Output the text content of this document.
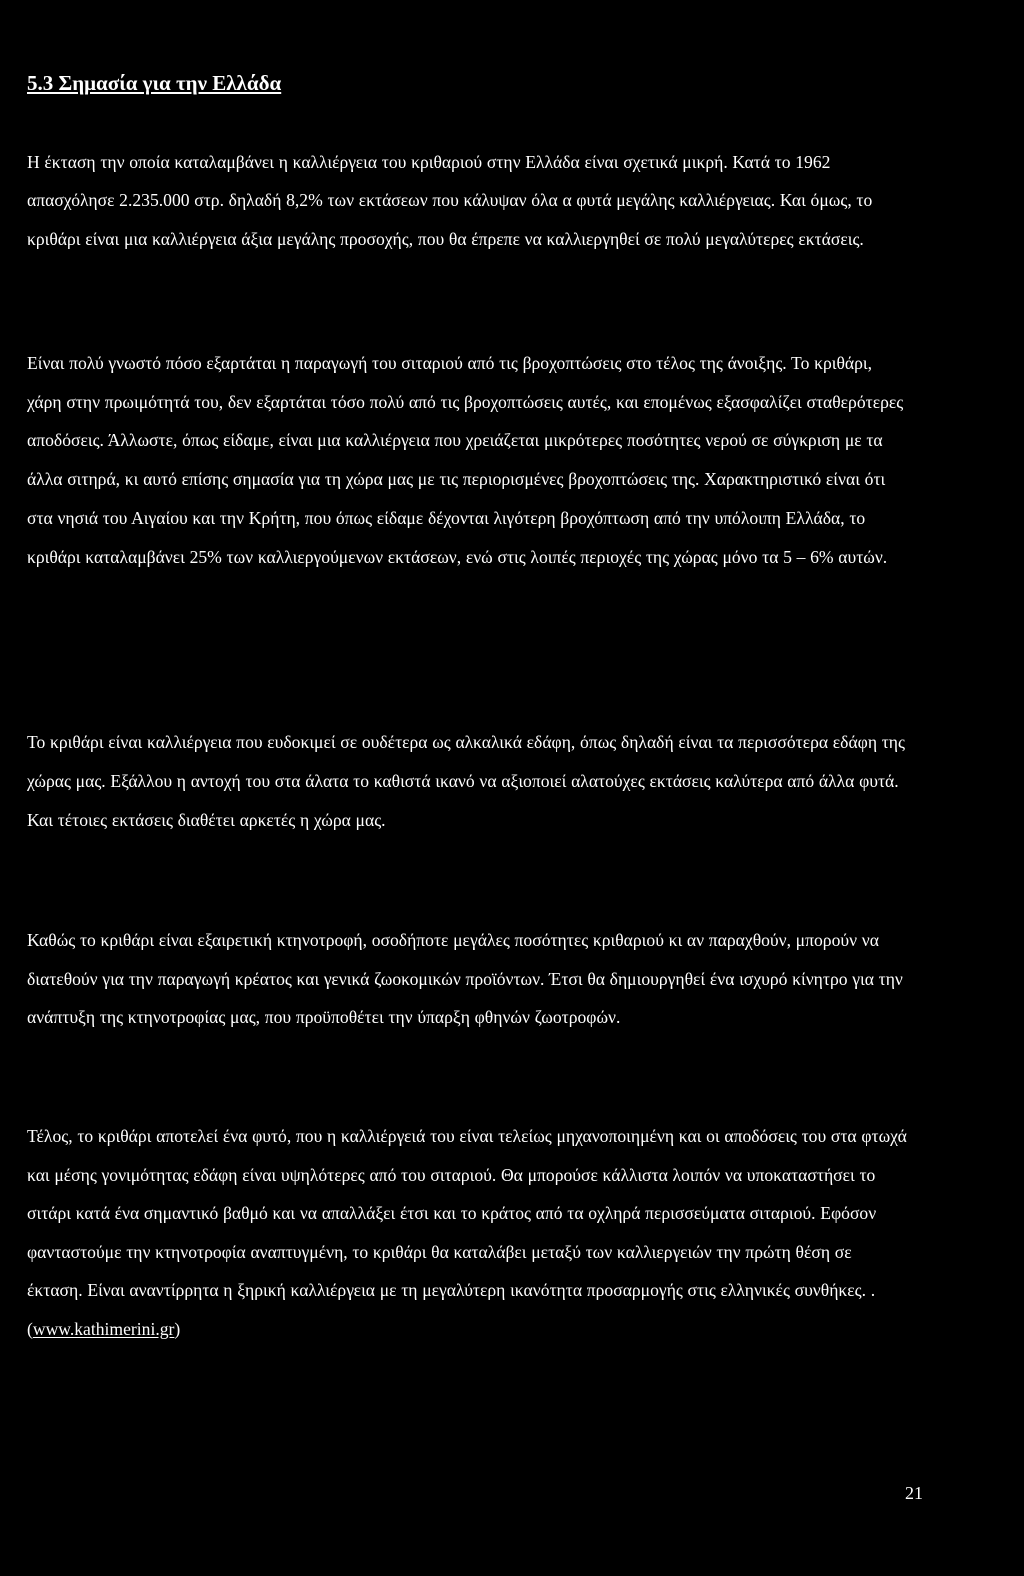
5.3 Σημασία για την Ελλάδα

Η έκταση την οποία καταλαμβάνει η καλλιέργεια του κριθαριού στην Ελλάδα είναι σχετικά μικρή. Κατά το 1962 απασχόλησε 2.235.000 στρ. δηλαδή 8,2% των εκτάσεων που κάλυψαν όλα α φυτά μεγάλης καλλιέργειας. Και όμως, το κριθάρι είναι μια καλλιέργεια άξια μεγάλης προσοχής, που θα έπρεπε να καλλιεργηθεί σε πολύ μεγαλύτερες εκτάσεις.

Είναι πολύ γνωστό πόσο εξαρτάται η παραγωγή του σιταριού από τις βροχοπτώσεις στο τέλος της άνοιξης. Το κριθάρι, χάρη στην πρωιμότητά του, δεν εξαρτάται τόσο πολύ από τις βροχοπτώσεις αυτές, και επομένως εξασφαλίζει σταθερότερες αποδόσεις. Άλλωστε, όπως είδαμε, είναι μια καλλιέργεια που χρειάζεται μικρότερες ποσότητες νερού σε σύγκριση με τα άλλα σιτηρά, κι αυτό επίσης σημασία για τη χώρα μας με τις περιορισμένες βροχοπτώσεις της. Χαρακτηριστικό είναι ότι στα νησιά του Αιγαίου και την Κρήτη, που όπως είδαμε δέχονται λιγότερη βροχόπτωση από την υπόλοιπη Ελλάδα, το κριθάρι καταλαμβάνει 25% των καλλιεργούμενων εκτάσεων, ενώ στις λοιπές περιοχές της χώρας μόνο τα 5 – 6% αυτών.

Το κριθάρι είναι καλλιέργεια που ευδοκιμεί σε ουδέτερα ως αλκαλικά εδάφη, όπως δηλαδή είναι τα περισσότερα εδάφη της χώρας μας. Εξάλλου η αντοχή του στα άλατα το καθιστά ικανό να αξιοποιεί αλατούχες εκτάσεις καλύτερα από άλλα φυτά. Και τέτοιες εκτάσεις διαθέτει αρκετές η χώρα μας.

Καθώς το κριθάρι είναι εξαιρετική κτηνοτροφή, οσοδήποτε μεγάλες ποσότητες κριθαριού κι αν παραχθούν, μπορούν να διατεθούν για την παραγωγή κρέατος και γενικά ζωοκομικών προϊόντων. Έτσι θα δημιουργηθεί ένα ισχυρό κίνητρο για την ανάπτυξη της κτηνοτροφίας μας, που προϋποθέτει την ύπαρξη φθηνών ζωοτροφών.

Τέλος, το κριθάρι αποτελεί ένα φυτό, που η καλλιέργειά του είναι τελείως μηχανοποιημένη και οι αποδόσεις του στα φτωχά και μέσης γονιμότητας εδάφη είναι υψηλότερες από του σιταριού. Θα μπορούσε κάλλιστα λοιπόν να υποκαταστήσει το σιτάρι κατά ένα σημαντικό βαθμό και να απαλλάξει έτσι και το κράτος από τα οχληρά περισσεύματα σιταριού. Εφόσον φανταστούμε την κτηνοτροφία αναπτυγμένη, το κριθάρι θα καταλάβει μεταξύ των καλλιεργειών την πρώτη θέση σε έκταση. Είναι αναντίρρητα η ξηρική καλλιέργεια με τη μεγαλύτερη ικανότητα προσαρμογής στις ελληνικές συνθήκες. . (www.kathimerini.gr)

21
